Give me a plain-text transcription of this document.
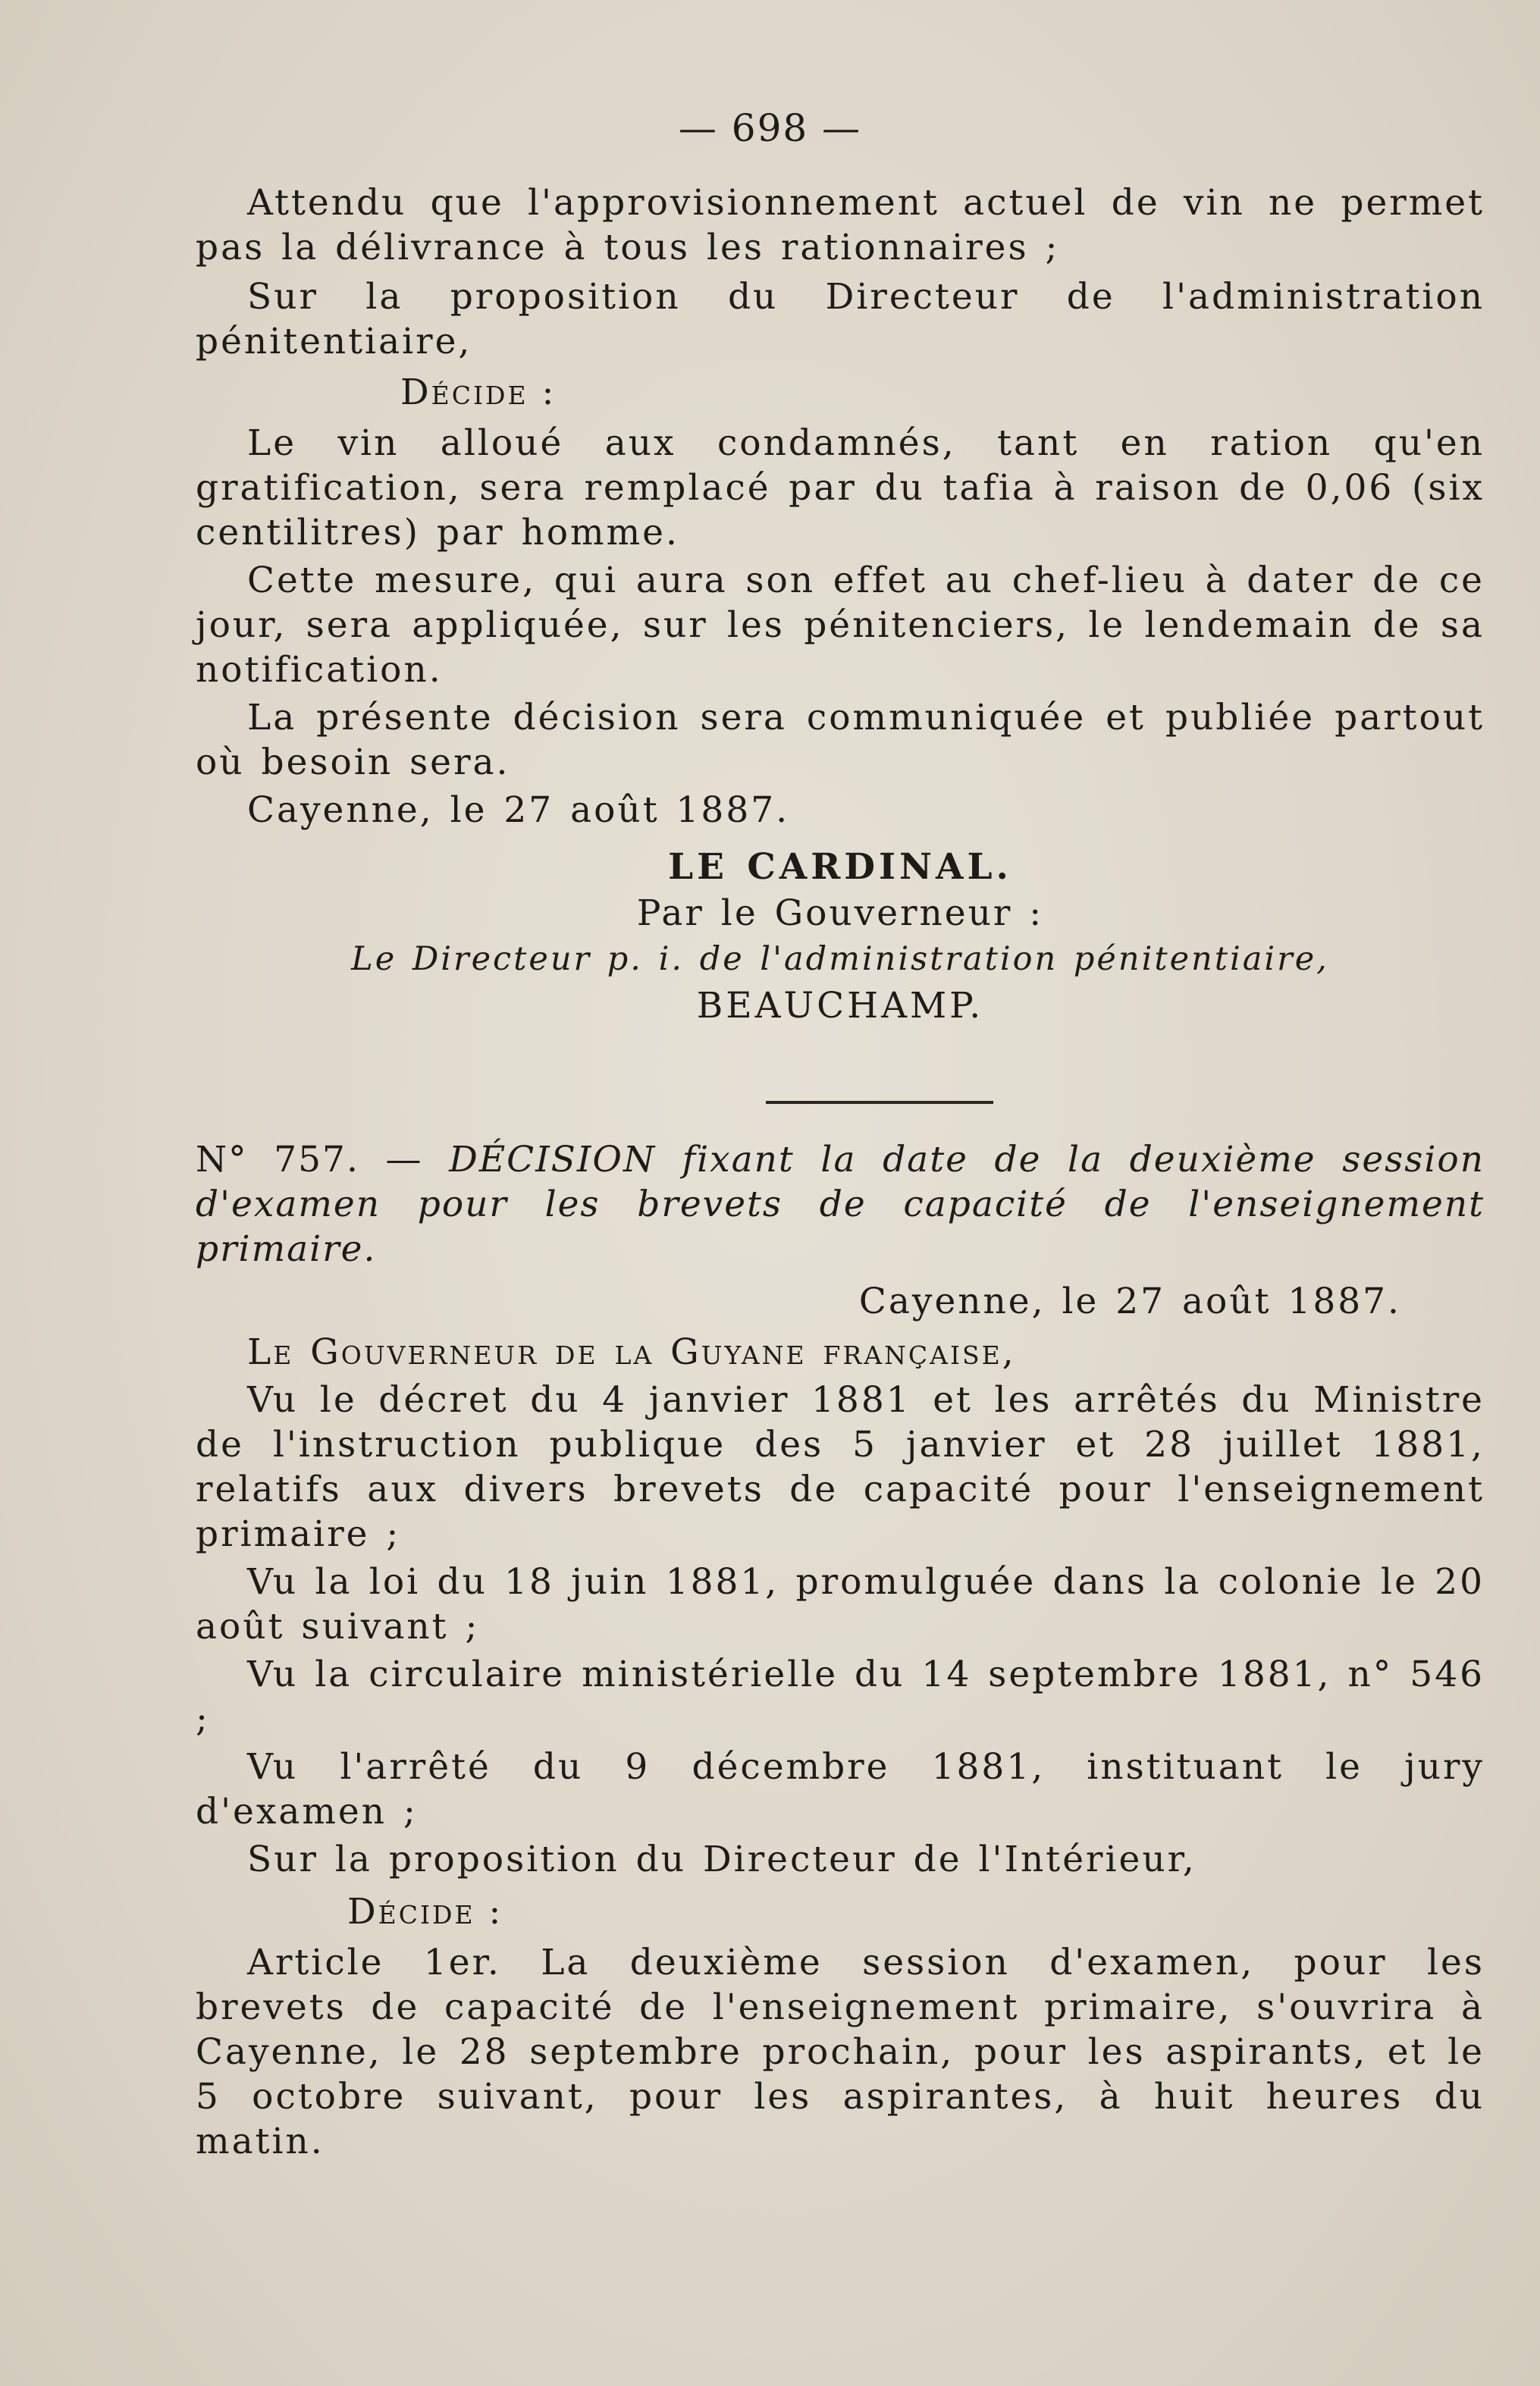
— 698 —

Attendu que l'approvisionnement actuel de vin ne permet pas la délivrance à tous les rationnaires ;

Sur la proposition du Directeur de l'administration pénitentiaire,

Décide :

Le vin alloué aux condamnés, tant en ration qu'en gratification, sera remplacé par du tafia à raison de 0,06 (six centilitres) par homme.

Cette mesure, qui aura son effet au chef-lieu à dater de ce jour, sera appliquée, sur les pénitenciers, le lendemain de sa notification.

La présente décision sera communiquée et publiée partout où besoin sera.

Cayenne, le 27 août 1887.

LE CARDINAL.

Par le Gouverneur :

Le Directeur p. i. de l'administration pénitentiaire,

BEAUCHAMP.

N° 757. — DÉCISION fixant la date de la deuxième session d'examen pour les brevets de capacité de l'enseignement primaire.

Cayenne, le 27 août 1887.

Le Gouverneur de la Guyane française,

Vu le décret du 4 janvier 1881 et les arrêtés du Ministre de l'instruction publique des 5 janvier et 28 juillet 1881, relatifs aux divers brevets de capacité pour l'enseignement primaire ;

Vu la loi du 18 juin 1881, promulguée dans la colonie le 20 août suivant ;

Vu la circulaire ministérielle du 14 septembre 1881, n° 546 ;

Vu l'arrêté du 9 décembre 1881, instituant le jury d'examen ;

Sur la proposition du Directeur de l'Intérieur,

Décide :

Article 1er. La deuxième session d'examen, pour les brevets de capacité de l'enseignement primaire, s'ouvrira à Cayenne, le 28 septembre prochain, pour les aspirants, et le 5 octobre suivant, pour les aspirantes, à huit heures du matin.
